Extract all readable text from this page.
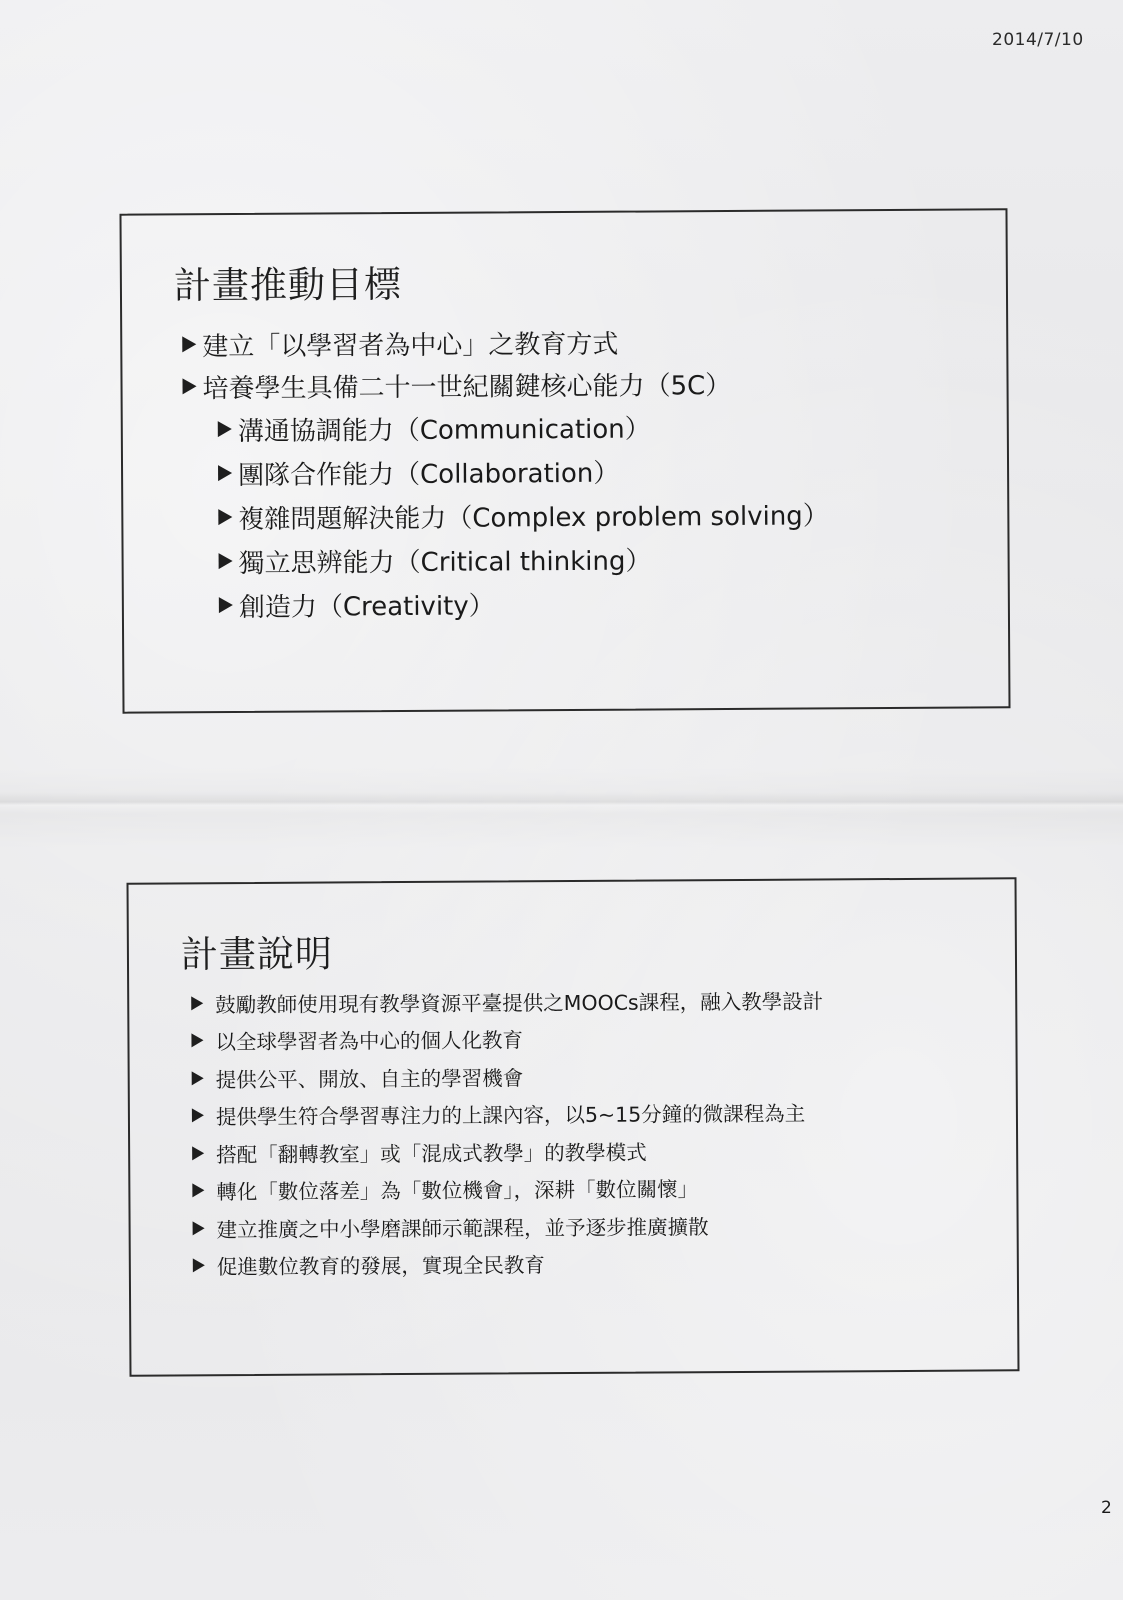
2014/7/10
計畫推動目標
建立「以學習者為中心」之教育方式
培養學生具備二十一世紀關鍵核心能力（5C）
溝通協調能力（Communication）
團隊合作能力（Collaboration）
複雜問題解決能力（Complex problem solving）
獨立思辨能力（Critical thinking）
創造力（Creativity）
計畫說明
鼓勵教師使用現有教學資源平臺提供之MOOCs課程，融入教學設計
以全球學習者為中心的個人化教育
提供公平、開放、自主的學習機會
提供學生符合學習專注力的上課內容，以5~15分鐘的微課程為主
搭配「翻轉教室」或「混成式教學」的教學模式
轉化「數位落差」為「數位機會」，深耕「數位關懷」
建立推廣之中小學磨課師示範課程，並予逐步推廣擴散
促進數位教育的發展，實現全民教育
2
